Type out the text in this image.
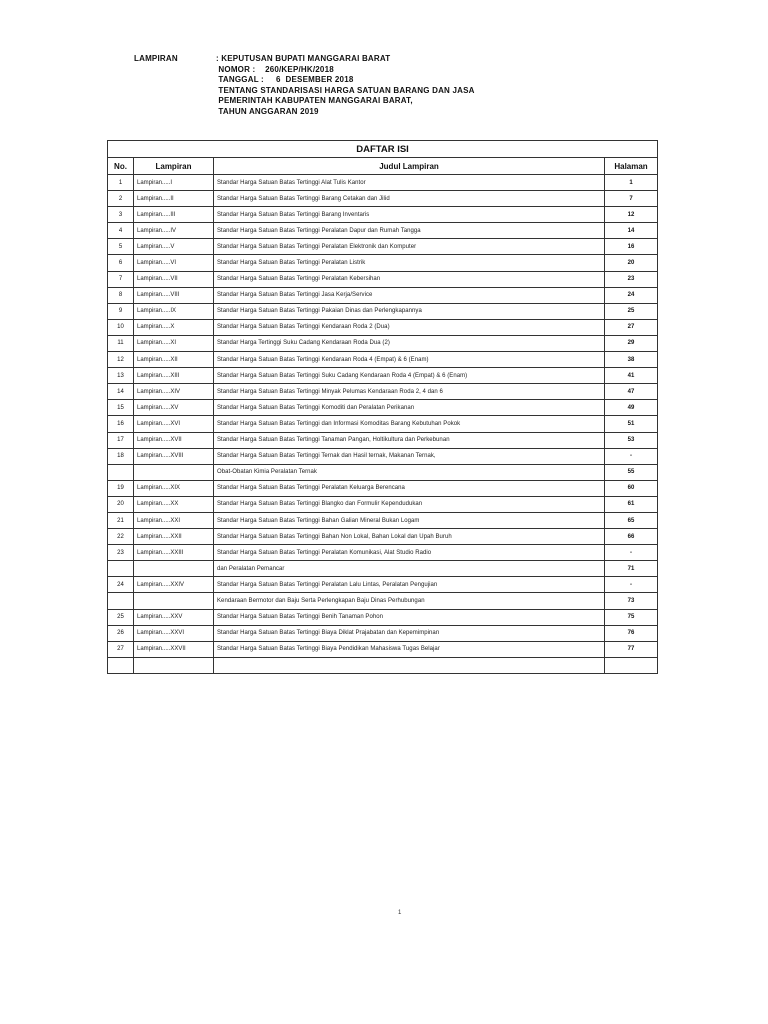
LAMPIRAN	: KEPUTUSAN BUPATI MANGGARAI BARAT
NOMOR :    260/KEP/HK/2018
TANGGAL :     6  DESEMBER 2018
TENTANG STANDARISASI HARGA SATUAN BARANG DAN JASA
PEMERINTAH KABUPATEN MANGGARAI BARAT,
TAHUN ANGGARAN 2019
DAFTAR ISI			
No.	Lampiran	Judul Lampiran	Halaman
1	Lampiran.....I	Standar Harga Satuan Batas Tertinggi Alat Tulis Kantor	1
2	Lampiran.....II	Standar Harga Satuan Batas Tertinggi Barang Cetakan dan Jilid	7
3	Lampiran.....III	Standar Harga Satuan Batas Tertinggi Barang Inventaris	12
4	Lampiran.....IV	Standar Harga Satuan Batas Tertinggi Peralatan Dapur dan Rumah Tangga	14
5	Lampiran.....V	Standar Harga Satuan Batas Tertinggi Peralatan Elektronik dan Komputer	16
6	Lampiran.....VI	Standar Harga Satuan Batas Tertinggi Peralatan Listrik	20
7	Lampiran.....VII	Standar Harga Satuan Batas Tertinggi Peralatan Kebersihan	23
8	Lampiran.....VIII	Standar Harga Satuan Batas Tertinggi Jasa Kerja/Service	24
9	Lampiran.....IX	Standar Harga Satuan Batas Tertinggi Pakaian Dinas dan Perlengkapannya	25
10	Lampiran.....X	Standar Harga Satuan Batas Tertinggi Kendaraan Roda 2 (Dua)	27
11	Lampiran.....XI	Standar Harga Tertinggi Suku Cadang Kendaraan Roda Dua (2)	29
12	Lampiran.....XII	Standar Harga Satuan Batas Tertinggi Kendaraan Roda 4 (Empat) & 6 (Enam)	38
13	Lampiran.....XIII	Standar Harga Satuan Batas Tertinggi Suku Cadang Kendaraan Roda 4 (Empat) & 6 (Enam)	41
14	Lampiran.....XIV	Standar Harga Satuan Batas Tertinggi Minyak Pelumas Kendaraan Roda 2, 4 dan 6	47
15	Lampiran.....XV	Standar Harga Satuan Batas Tertinggi Komoditi dan Peralatan Perikanan	49
16	Lampiran.....XVI	Standar Harga Satuan Batas Tertinggi dan Informasi Komoditas Barang Kebutuhan Pokok	51
17	Lampiran.....XVII	Standar Harga Satuan Batas Tertinggi Tanaman Pangan, Holtikultura dan Perkebunan	53
18	Lampiran.....XVIII	Standar Harga Satuan Batas Tertinggi Ternak dan Hasil ternak, Makanan Ternak,	-
		Obat-Obatan Kimia Peralatan Ternak	55
19	Lampiran.....XIX	Standar Harga Satuan Batas Tertinggi Peralatan Keluarga Berencana	60
20	Lampiran.....XX	Standar Harga Satuan Batas Tertinggi Blangko dan Formulir Kependudukan	61
21	Lampiran.....XXI	Standar Harga Satuan Batas Tertinggi Bahan Galian Mineral Bukan Logam	65
22	Lampiran.....XXII	Standar Harga Satuan Batas Tertinggi Bahan Non Lokal, Bahan Lokal dan Upah Buruh	66
23	Lampiran.....XXIII	Standar Harga Satuan Batas Tertinggi Peralatan Komunikasi, Alat Studio Radio	-
		dan Peralatan Pemancar	71
24	Lampiran.....XXIV	Standar Harga Satuan Batas Tertinggi Peralatan Lalu Lintas, Peralatan Pengujian	-
		Kendaraan Bermotor dan Baju Serta Perlengkapan Baju Dinas Perhubungan	73
25	Lampiran.....XXV	Standar Harga Satuan Batas Tertinggi Benih Tanaman Pohon	75
26	Lampiran.....XXVI	Standar Harga Satuan Batas Tertinggi Biaya Diklat Prajabatan dan Kepemimpinan	76
27	Lampiran.....XXVII	Standar Harga Satuan Batas Tertinggi Biaya Pendidikan Mahasiswa Tugas Belajar	77

1
